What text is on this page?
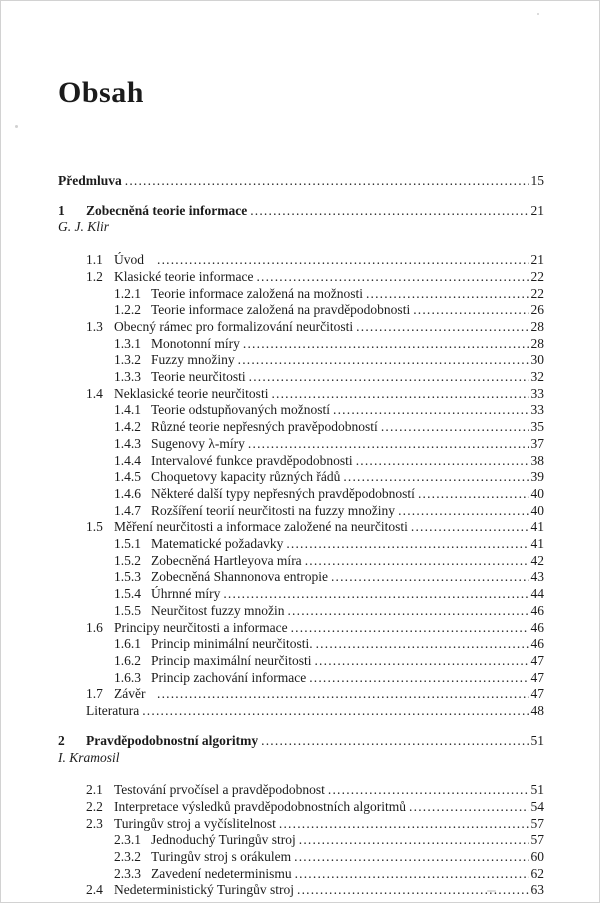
Obsah
Předmluva .....	15
1	Zobecněná teorie informace .....	21
G. J. Klir
1.1 Úvod .....	21
1.2 Klasické teorie informace .....	22
1.2.1 Teorie informace založená na možnosti .....	22
1.2.2 Teorie informace založená na pravděpodobnosti .....	26
1.3 Obecný rámec pro formalizování neurčitosti .....	28
1.3.1 Monotonní míry .....	28
1.3.2 Fuzzy množiny .....	30
1.3.3 Teorie neurčitosti .....	32
1.4 Neklasické teorie neurčitosti .....	33
1.4.1 Teorie odstupňovaných možností .....	33
1.4.2 Různé teorie nepřesných pravěpodobností .....	35
1.4.3 Sugenovy λ-míry .....	37
1.4.4 Intervalové funkce pravděpodobnosti .....	38
1.4.5 Choquetovy kapacity různých řádů .....	39
1.4.6 Některé další typy nepřesných pravděpodobností .....	40
1.4.7 Rozšíření teorií neurčitosti na fuzzy množiny .....	40
1.5 Měření neurčitosti a informace založené na neurčitosti .....	41
1.5.1 Matematické požadavky .....	41
1.5.2 Zobecněná Hartleyova míra .....	42
1.5.3 Zobecněná Shannonova entropie .....	43
1.5.4 Úhrnné míry .....	44
1.5.5 Neurčitost fuzzy množin .....	46
1.6 Principy neurčitosti a informace .....	46
1.6.1 Princip minimální neurčitosti. .....	46
1.6.2 Princip maximální neurčitosti .....	47
1.6.3 Princip zachování informace .....	47
1.7 Závěr .....	47
Literatura .....	48
2	Pravděpodobnostní algoritmy .....	51
I. Kramosil
2.1 Testování prvočísel a pravděpodobnost .....	51
2.2 Interpretace výsledků pravděpodobnostních algoritmů .....	54
2.3 Turingův stroj a vyčíslitelnost .....	57
2.3.1 Jednoduchý Turingův stroj .....	57
2.3.2 Turingův stroj s orákulem .....	60
2.3.3 Zavedení nedeterminismu .....	62
2.4 Nedeterministický Turingův stroj .....	63
